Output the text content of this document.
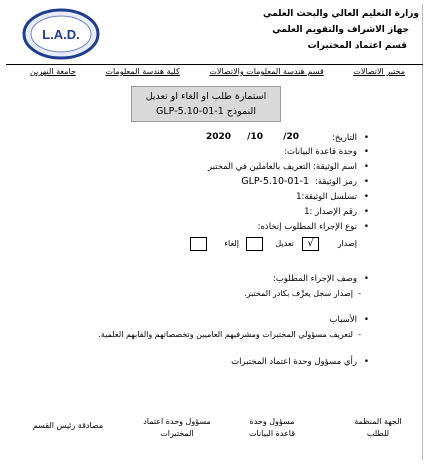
L.A.D.
وزارة التعليم العالي والبحث العلمي
جهاز الاشراف والتقويم العلمي
قسم اعتماد المختبرات
مختبر الاتصالات
قسم هندسة المعلومات والاتصالات
كلية هندسة المعلومات
جامعة النهرين
استمارة طلب او الغاء او تعديل
النموذج GLP-5.10-01-1
التاريخ: •
20/
10/
2020
وحدة قاعدة البيانات: •
اسم الوثيقة: التعريف بالعاملين في المختبر •
رمز الوثيقة: •
GLP-5.10-01-1
تسلسل الوثيقة:1 •
رقم الإصدار :1 •
نوع الإجراء المطلوب إتخاذه: •
إصدار
√
تعديل
إلغاء
وصف الإجراء المطلوب: •
إصدار سجل يعرِّف بكادر المختبر. -
الأسباب •
لتعريف مسؤولي المختبرات ومشرفيهم العاميين وتخصصاتهم والقابهم العلمية. -
رأي مسؤول وحدة اعتماد المختبرات •
الجهة المنظمة للطلب
مسؤول وحدة قاعدة البيانات
مسؤول وحدة اعتماد المختبرات
مصادقة رئيس القسم
